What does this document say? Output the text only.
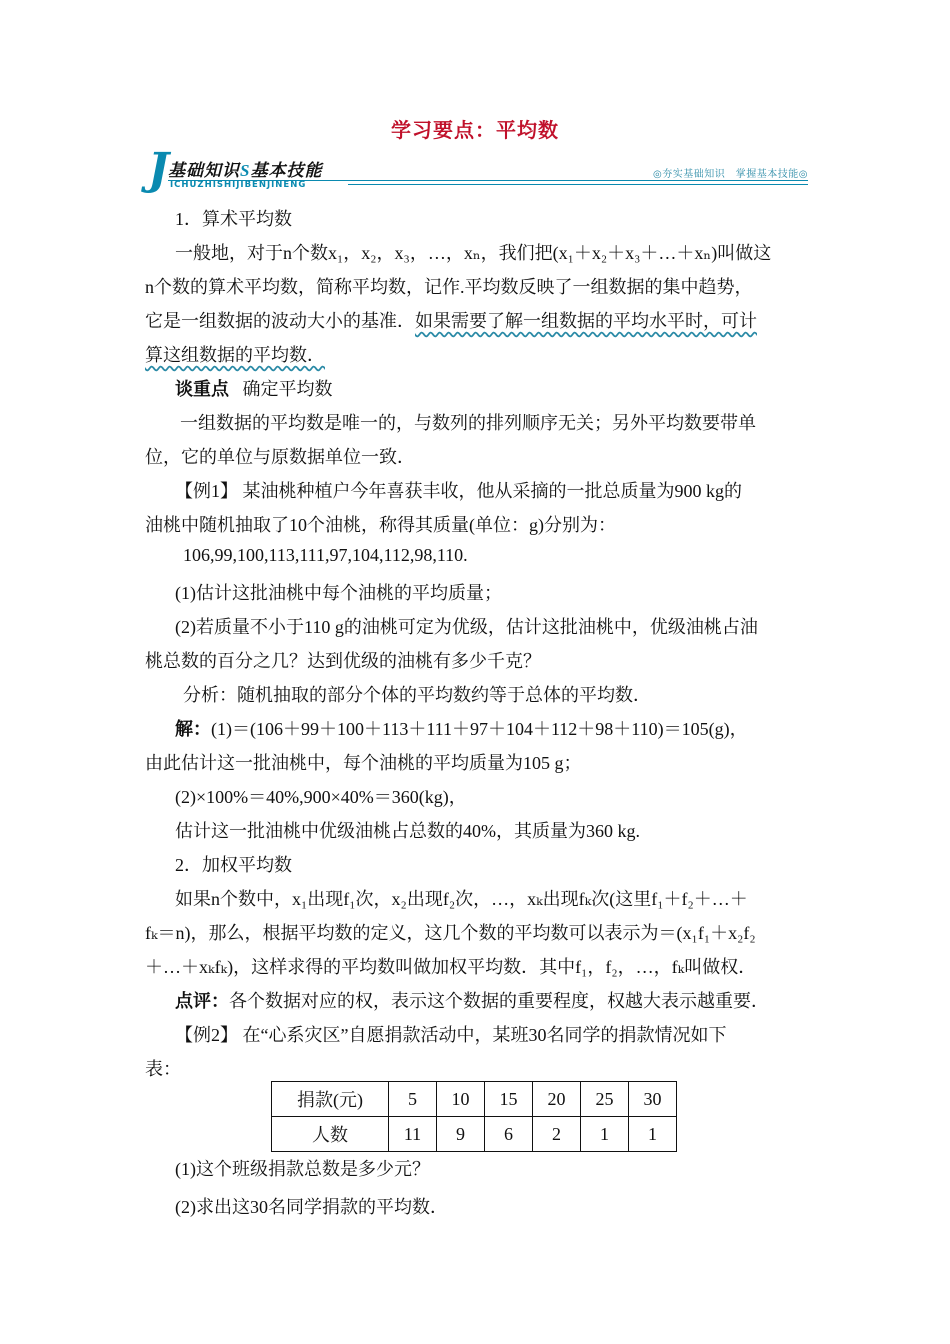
学习要点：平均数
J 基础知识S基本技能
ICHUZHISHIJIBENJINENG
◎夯实基础知识　掌握基本技能◎
1．算术平均数
一般地，对于n个数x₁，x₂，x₃，…，xₙ，我们把(x₁＋x₂＋x₃＋…＋xₙ)叫做这
n个数的算术平均数，简称平均数，记作.平均数反映了一组数据的集中趋势，
它是一组数据的波动大小的基准．如果需要了解一组数据的平均水平时，可计
算这组数据的平均数．
谈重点 确定平均数
一组数据的平均数是唯一的，与数列的排列顺序无关；另外平均数要带单
位，它的单位与原数据单位一致．
【例1】 某油桃种植户今年喜获丰收，他从采摘的一批总质量为900 kg的
油桃中随机抽取了10个油桃，称得其质量(单位：g)分别为：
106,99,100,113,111,97,104,112,98,110.
(1)估计这批油桃中每个油桃的平均质量；
(2)若质量不小于110 g的油桃可定为优级，估计这批油桃中，优级油桃占油
桃总数的百分之几？达到优级的油桃有多少千克？
分析：随机抽取的部分个体的平均数约等于总体的平均数．
解：(1)＝(106＋99＋100＋113＋111＋97＋104＋112＋98＋110)＝105(g)，
由此估计这一批油桃中，每个油桃的平均质量为105 g；
(2)×100%＝40%,900×40%＝360(kg)，
估计这一批油桃中优级油桃占总数的40%，其质量为360 kg.
2．加权平均数
如果n个数中，x₁出现f₁次，x₂出现f₂次，…，xₖ出现fₖ次(这里f₁＋f₂＋…＋
fₖ＝n)，那么，根据平均数的定义，这几个数的平均数可以表示为＝(x₁f₁＋x₂f₂
＋…＋xₖfₖ)，这样求得的平均数叫做加权平均数．其中f₁，f₂，…，fₖ叫做权．
点评：各个数据对应的权，表示这个数据的重要程度，权越大表示越重要．
【例2】 在“心系灾区”自愿捐款活动中，某班30名同学的捐款情况如下
表：
捐款(元)	5	10	15	20	25	30
人数	11	9	6	2	1	1
(1)这个班级捐款总数是多少元？
(2)求出这30名同学捐款的平均数．
